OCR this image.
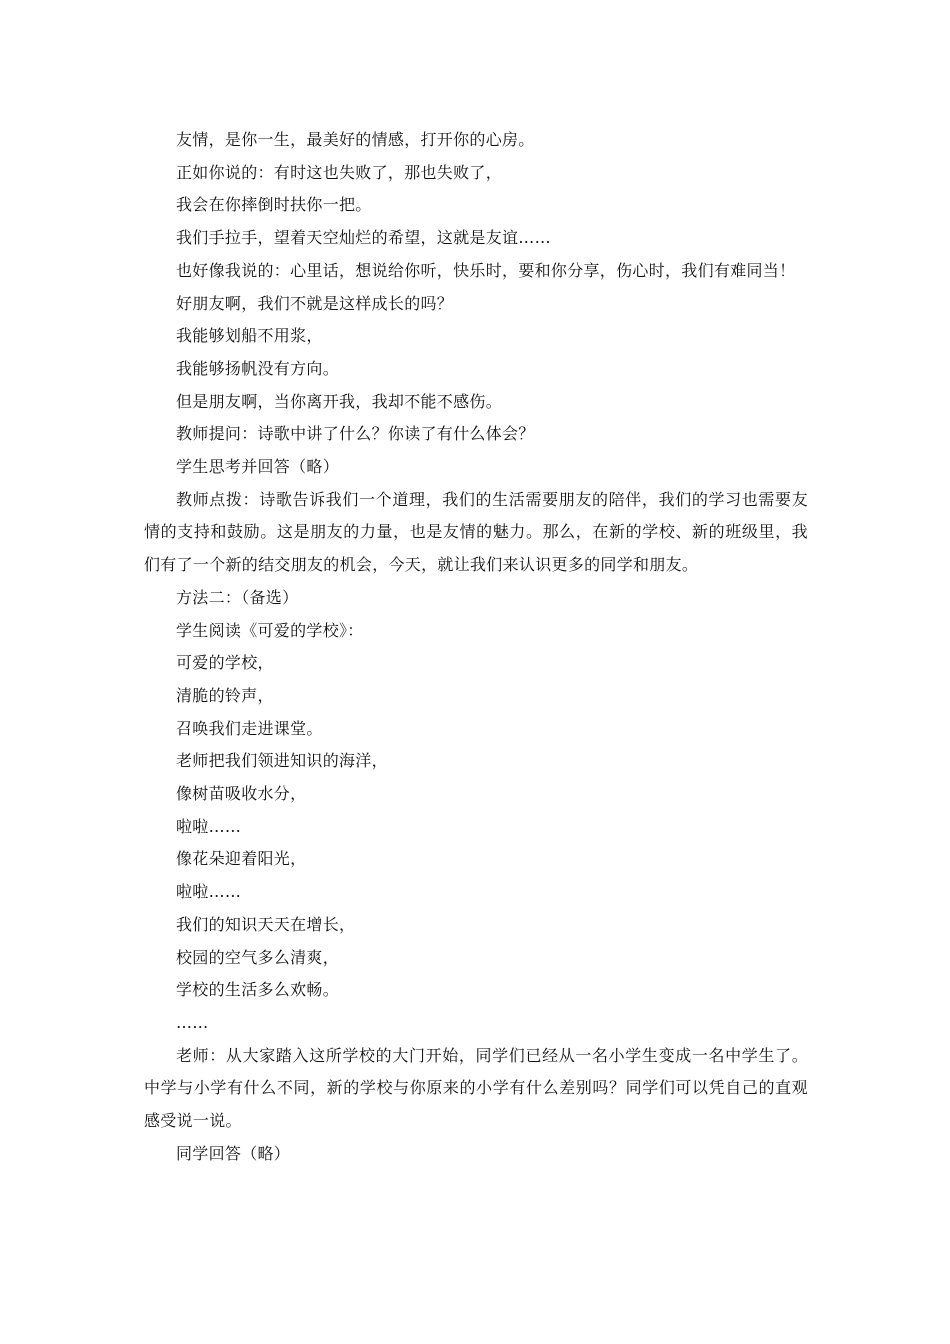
友情，是你一生，最美好的情感，打开你的心房。
正如你说的：有时这也失败了，那也失败了，
我会在你摔倒时扶你一把。
我们手拉手，望着天空灿烂的希望，这就是友谊……
也好像我说的：心里话，想说给你听，快乐时，要和你分享，伤心时，我们有难同当！
好朋友啊，我们不就是这样成长的吗？
我能够划船不用浆，
我能够扬帆没有方向。
但是朋友啊，当你离开我，我却不能不感伤。
教师提问：诗歌中讲了什么？你读了有什么体会？
学生思考并回答（略）
教师点拨：诗歌告诉我们一个道理，我们的生活需要朋友的陪伴，我们的学习也需要友情的支持和鼓励。这是朋友的力量，也是友情的魅力。那么，在新的学校、新的班级里，我们有了一个新的结交朋友的机会，今天，就让我们来认识更多的同学和朋友。
方法二：（备选）
学生阅读《可爱的学校》：
可爱的学校，
清脆的铃声，
召唤我们走进课堂。
老师把我们领进知识的海洋，
像树苗吸收水分，
啦啦……
像花朵迎着阳光，
啦啦……
我们的知识天天在增长，
校园的空气多么清爽，
学校的生活多么欢畅。
……
老师：从大家踏入这所学校的大门开始，同学们已经从一名小学生变成一名中学生了。中学与小学有什么不同，新的学校与你原来的小学有什么差别吗？同学们可以凭自己的直观感受说一说。
同学回答（略）
